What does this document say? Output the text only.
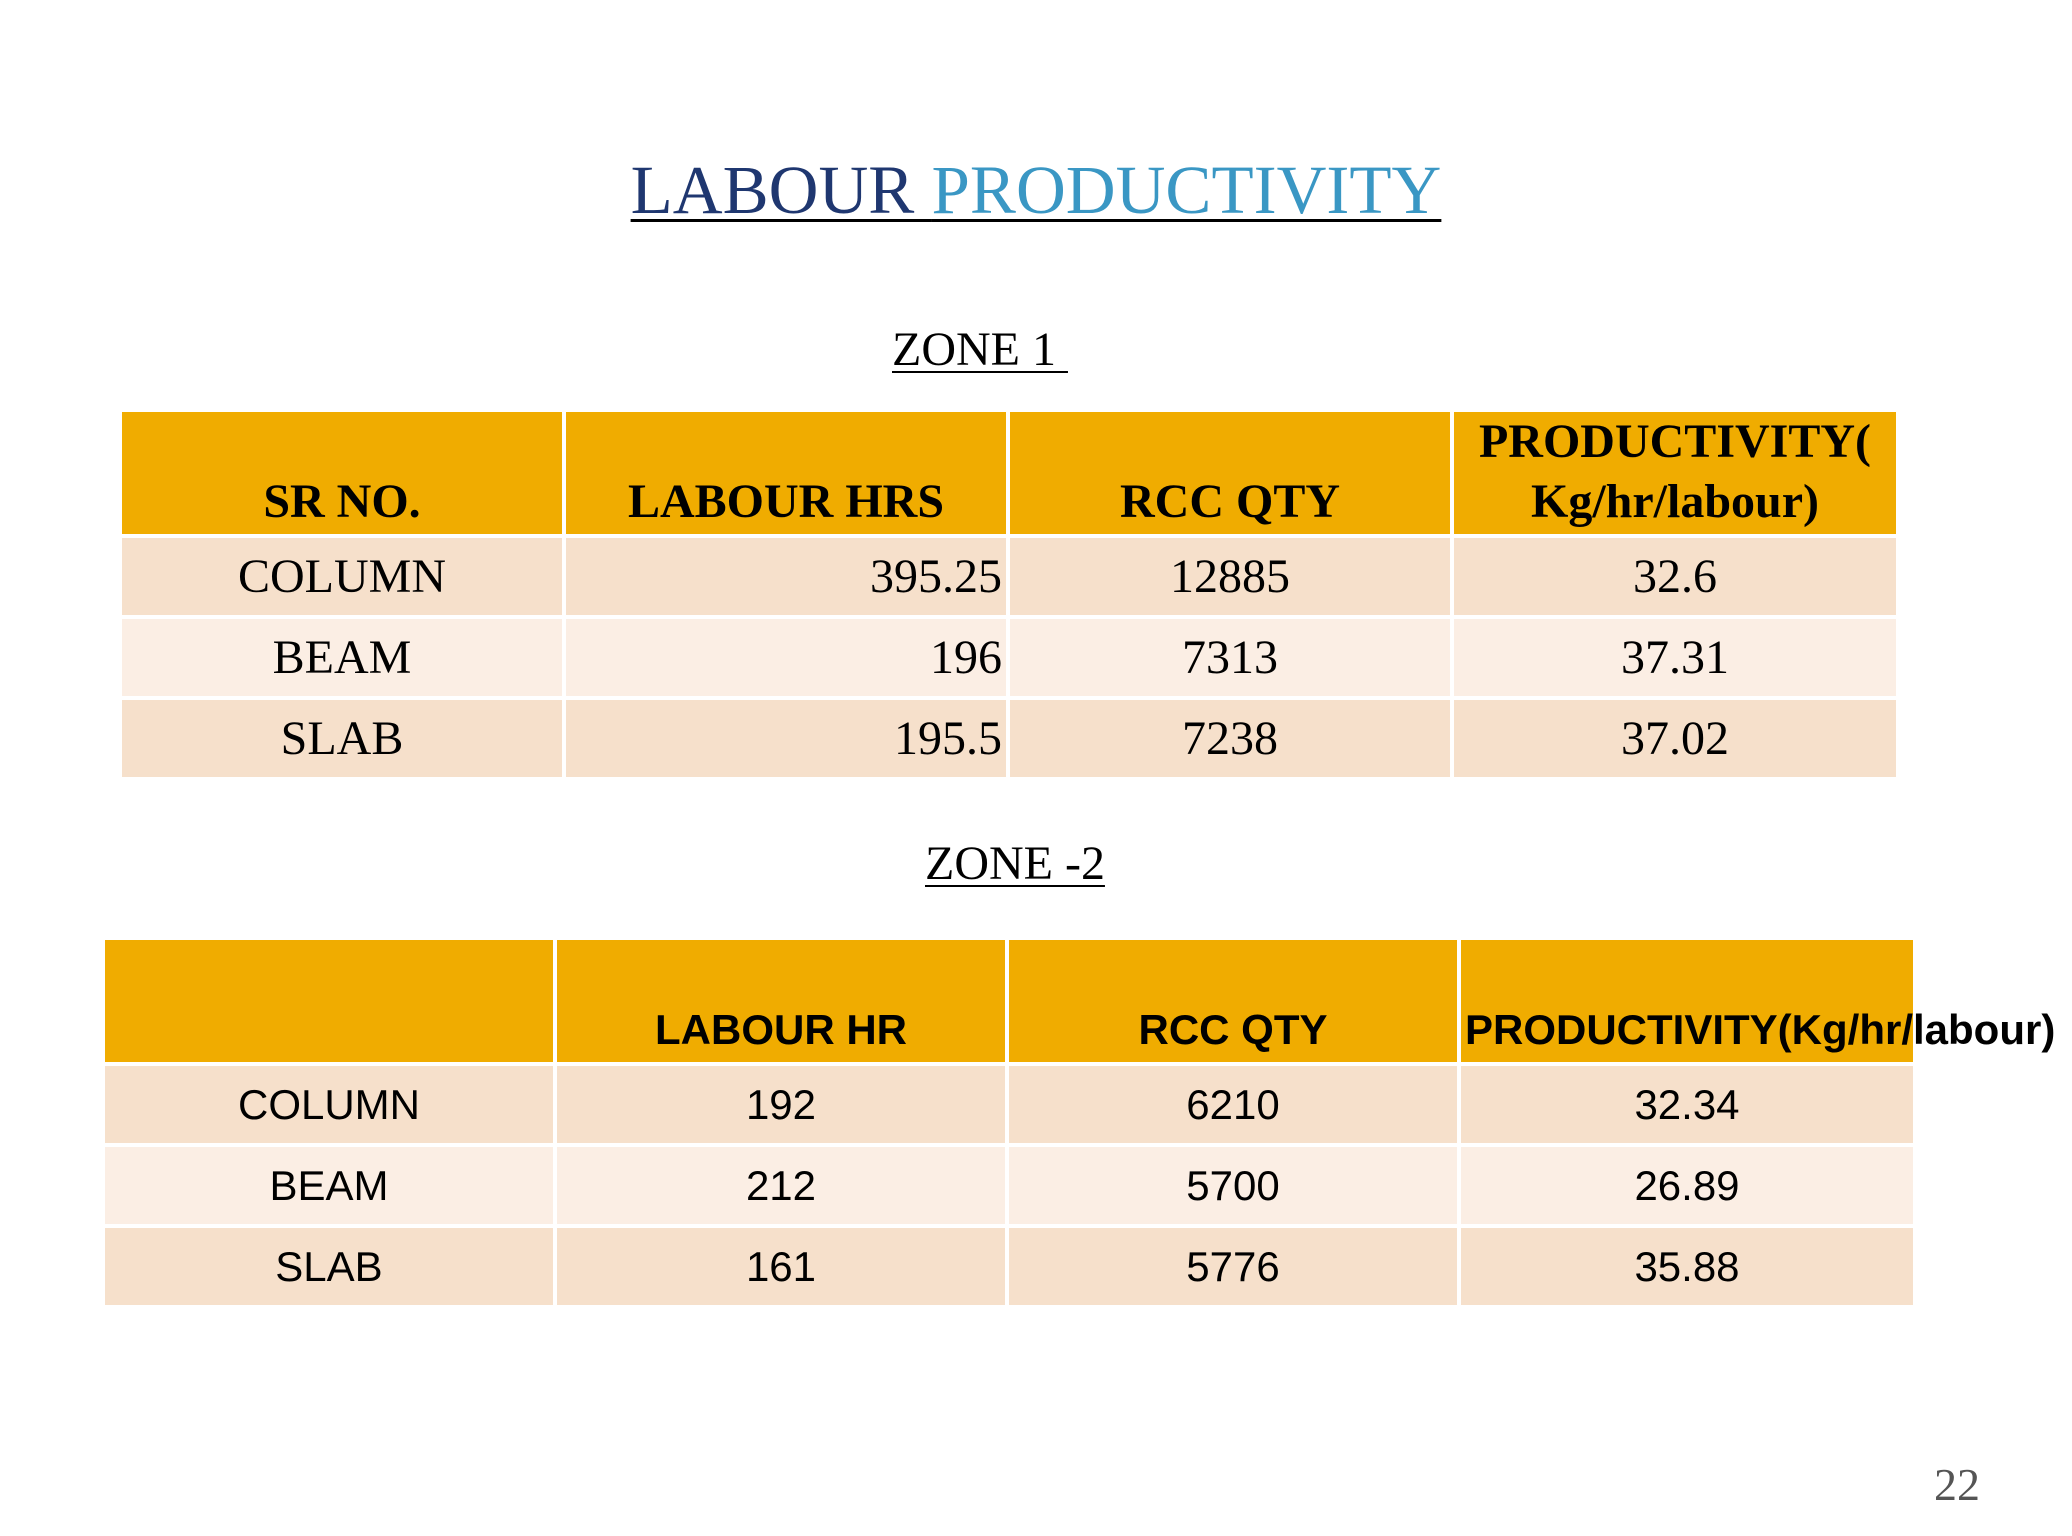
LABOUR PRODUCTIVITY
ZONE 1
SR NO.	LABOUR HRS	RCC QTY	PRODUCTIVITY(
Kg/hr/labour)
COLUMN	395.25	12885	32.6
BEAM	196	7313	37.31
SLAB	195.5	7238	37.02
ZONE -2
	LABOUR HR	RCC QTY	PRODUCTIVITY(Kg/hr/labour)
COLUMN	192	6210	32.34
BEAM	212	5700	26.89
SLAB	161	5776	35.88
22
